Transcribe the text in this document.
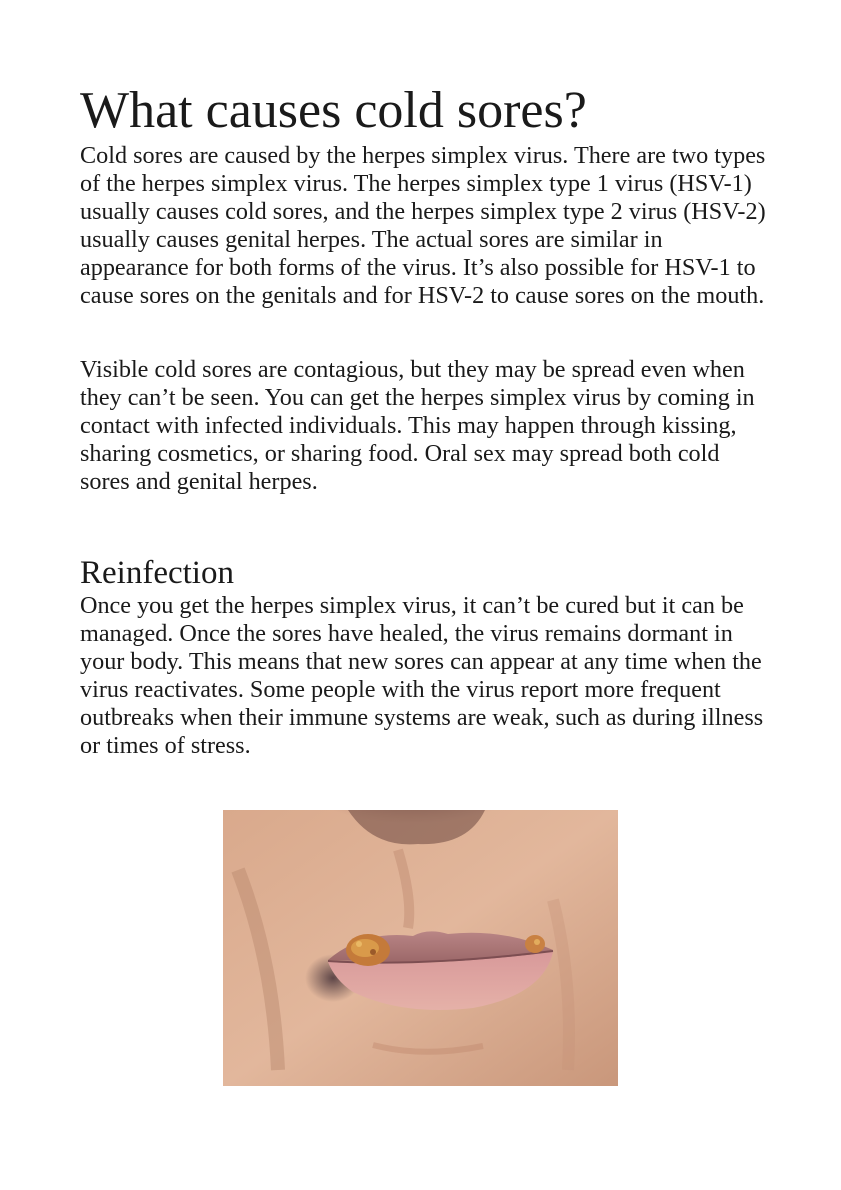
What causes cold sores?

Cold sores are caused by the herpes simplex virus. There are two types of the herpes simplex virus. The herpes simplex type 1 virus (HSV-1) usually causes cold sores, and the herpes simplex type 2 virus (HSV-2) usually causes genital herpes. The actual sores are similar in appearance for both forms of the virus. It’s also possible for HSV-1 to cause sores on the genitals and for HSV-2 to cause sores on the mouth.

Visible cold sores are contagious, but they may be spread even when they can’t be seen. You can get the herpes simplex virus by coming in contact with infected individuals. This may happen through kissing, sharing cosmetics, or sharing food. Oral sex may spread both cold sores and genital herpes.

Reinfection

Once you get the herpes simplex virus, it can’t be cured but it can be managed. Once the sores have healed, the virus remains dormant in your body. This means that new sores can appear at any time when the virus reactivates. Some people with the virus report more frequent outbreaks when their immune systems are weak, such as during illness or times of stress.
